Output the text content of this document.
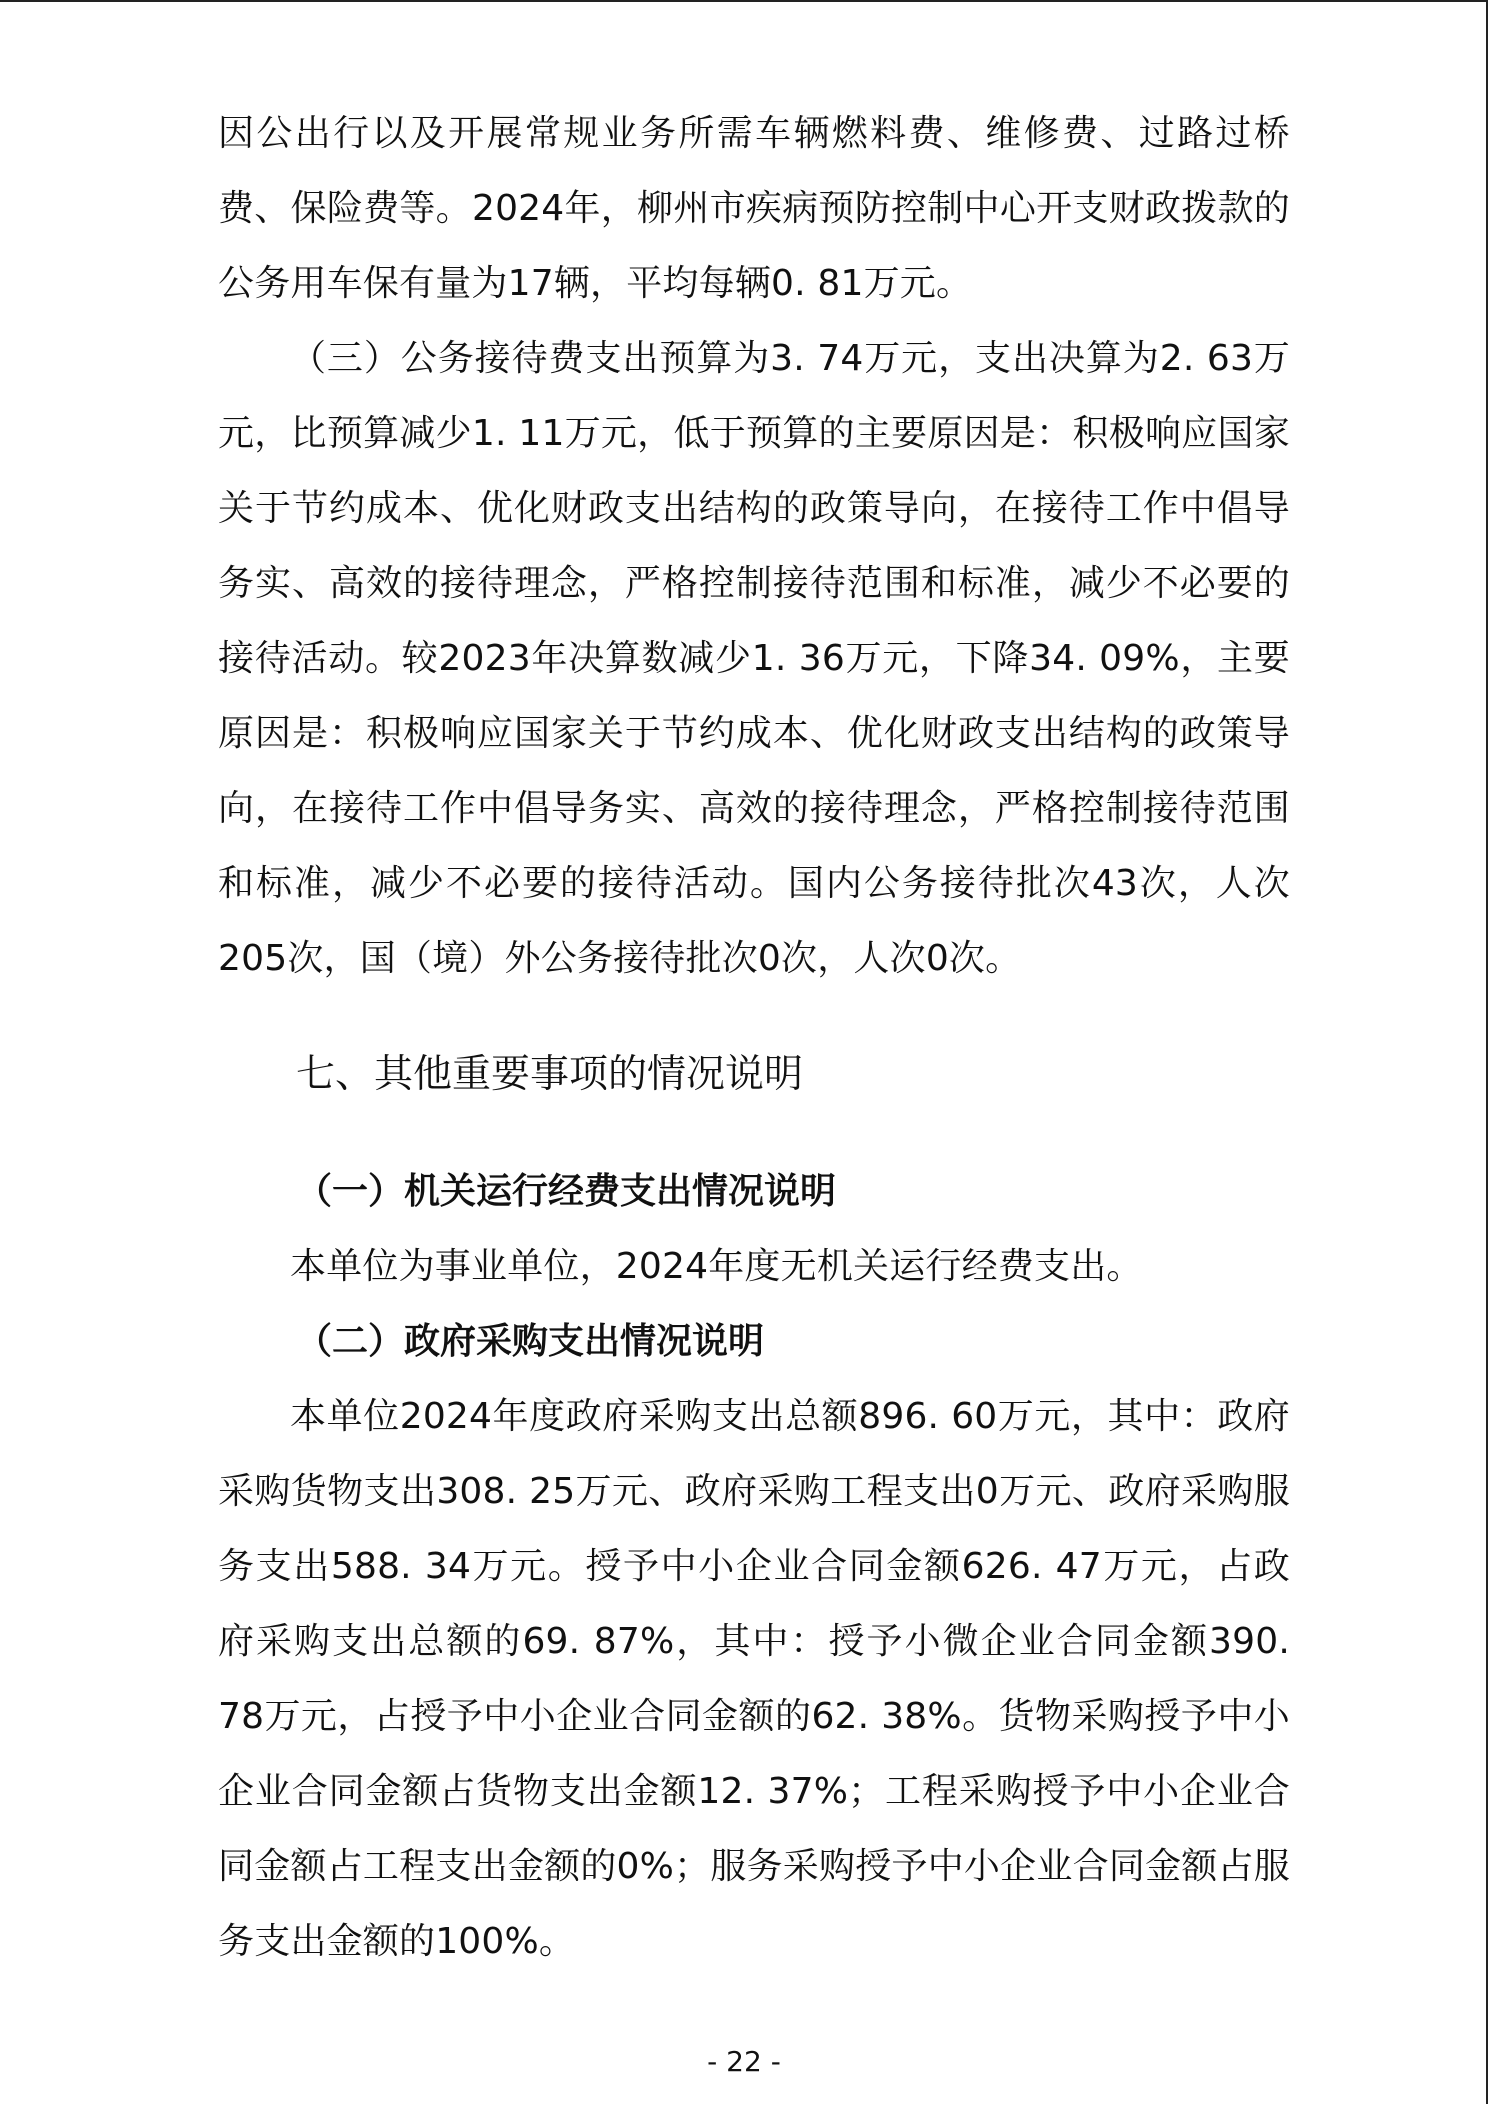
因公出行以及开展常规业务所需车辆燃料费、维修费、过路过桥费、保险费等。2024年，柳州市疾病预防控制中心开支财政拨款的公务用车保有量为17辆，平均每辆0. 81万元。

（三）公务接待费支出预算为3. 74万元，支出决算为2. 63万元，比预算减少1. 11万元，低于预算的主要原因是：积极响应国家关于节约成本、优化财政支出结构的政策导向，在接待工作中倡导务实、高效的接待理念，严格控制接待范围和标准，减少不必要的接待活动。较2023年决算数减少1. 36万元，下降34. 09%，主要原因是：积极响应国家关于节约成本、优化财政支出结构的政策导向，在接待工作中倡导务实、高效的接待理念，严格控制接待范围和标准，减少不必要的接待活动。国内公务接待批次43次，人次205次，国（境）外公务接待批次0次，人次0次。

七、其他重要事项的情况说明
（一）机关运行经费支出情况说明

本单位为事业单位，2024年度无机关运行经费支出。

（二）政府采购支出情况说明

本单位2024年度政府采购支出总额896. 60万元，其中：政府采购货物支出308. 25万元、政府采购工程支出0万元、政府采购服务支出588. 34万元。授予中小企业合同金额626. 47万元，占政府采购支出总额的69. 87%，其中：授予小微企业合同金额390. 78万元，占授予中小企业合同金额的62. 38%。货物采购授予中小企业合同金额占货物支出金额12. 37%；工程采购授予中小企业合同金额占工程支出金额的0%；服务采购授予中小企业合同金额占服务支出金额的100%。

- 22 -
